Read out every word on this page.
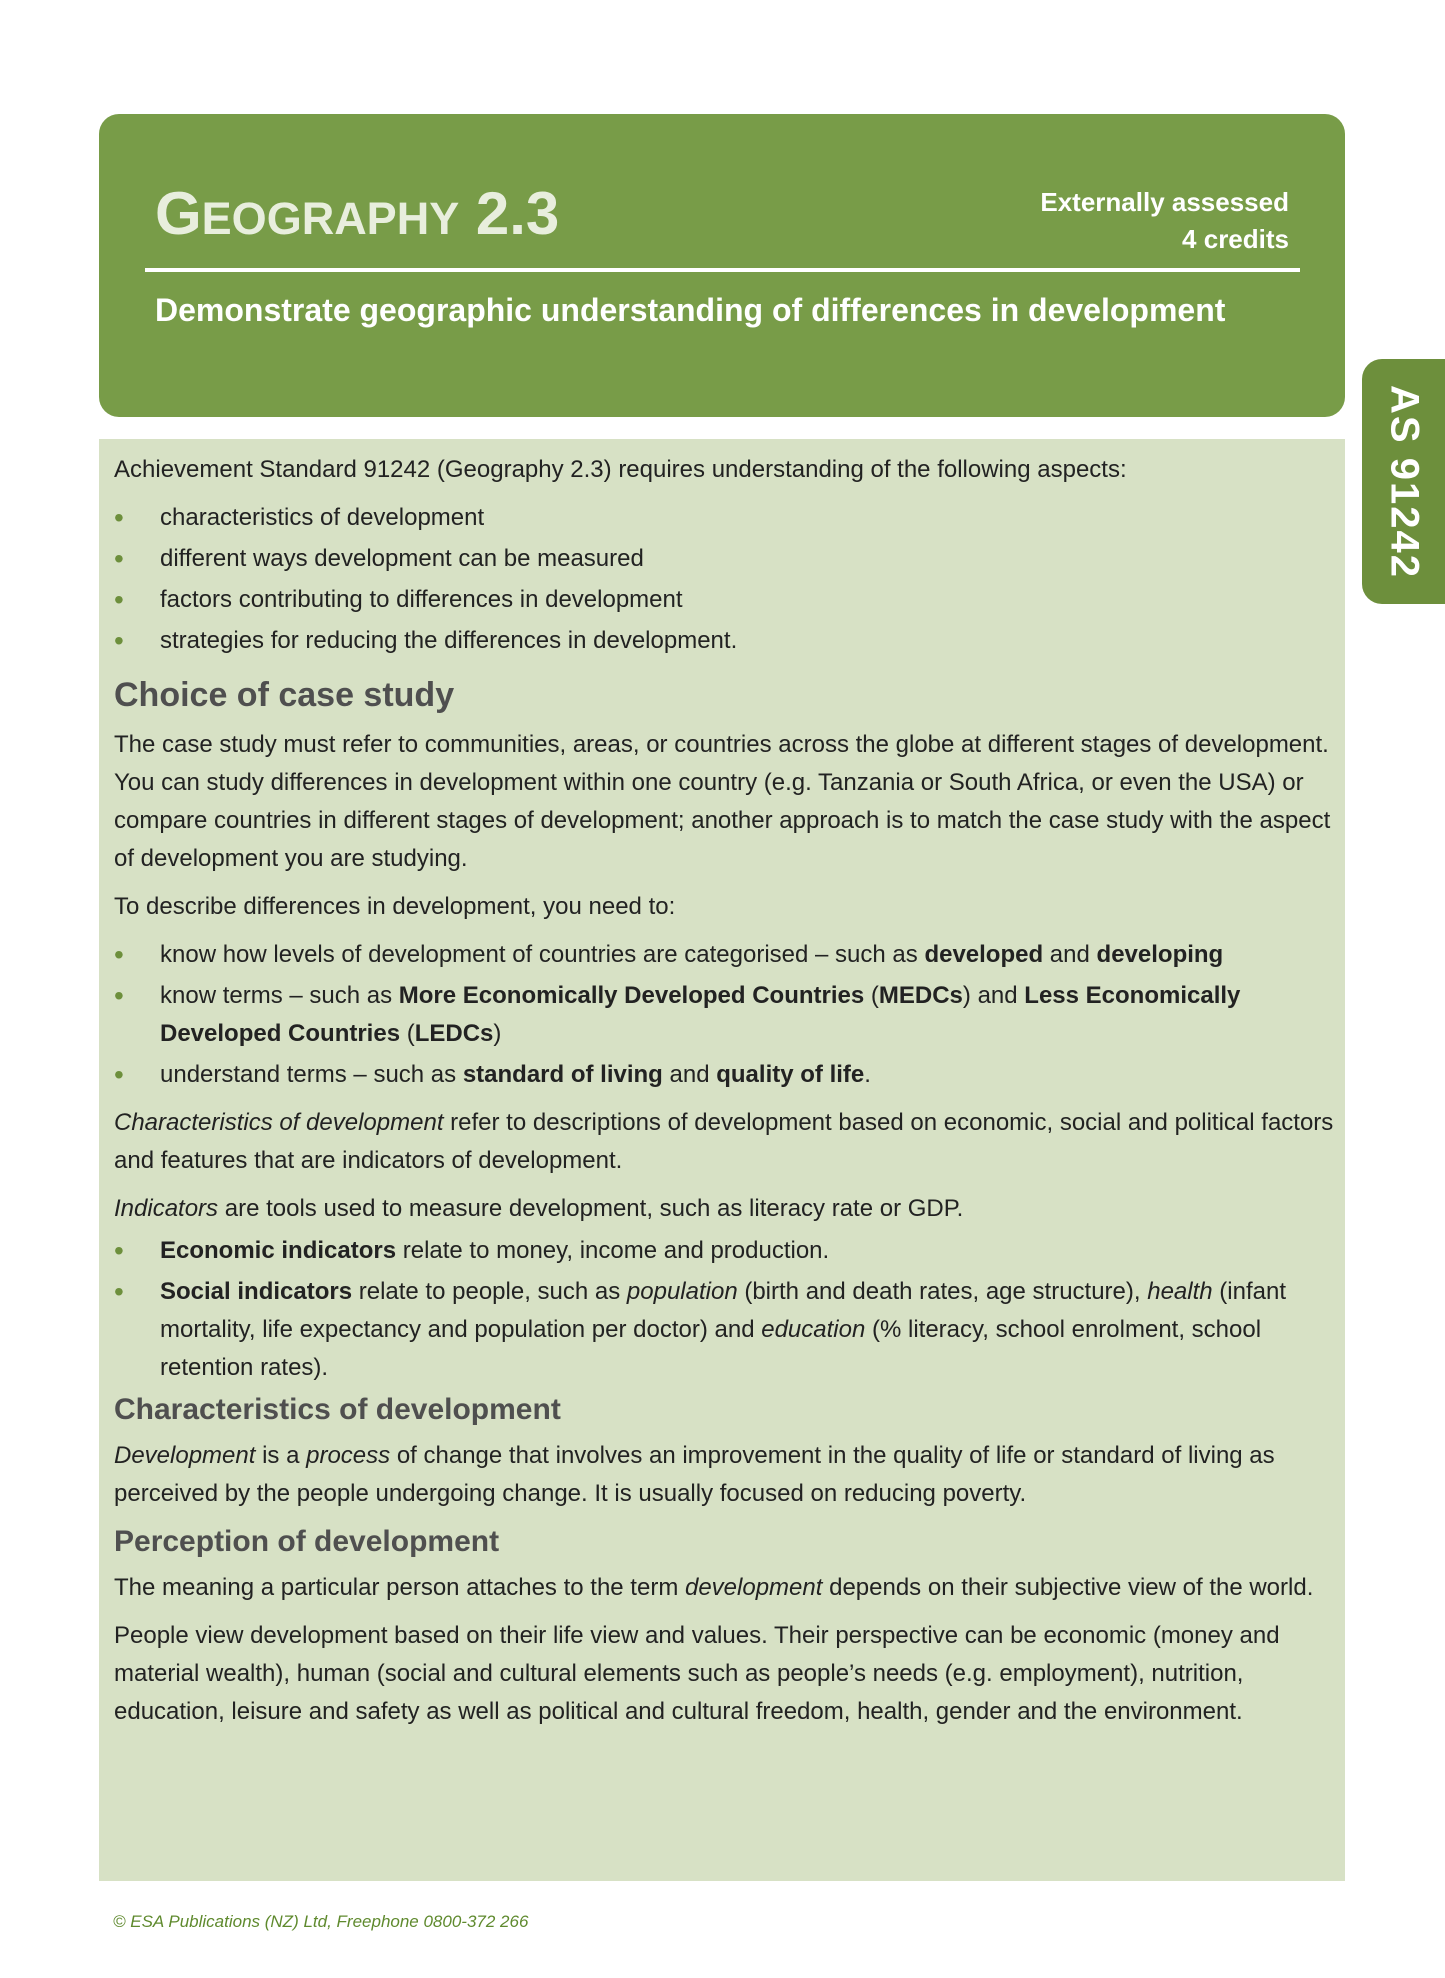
GEOGRAPHY 2.3	Externally assessed
4 credits
Demonstrate geographic understanding of differences in development
AS 91242

Achievement Standard 91242 (Geography 2.3) requires understanding of the following aspects:

• characteristics of development
• different ways development can be measured
• factors contributing to differences in development
• strategies for reducing the differences in development.
Choice of case study

The case study must refer to communities, areas, or countries across the globe at different stages of development. You can study differences in development within one country (e.g. Tanzania or South Africa, or even the USA) or compare countries in different stages of development; another approach is to match the case study with the aspect of development you are studying.

To describe differences in development, you need to:

• know how levels of development of countries are categorised – such as developed and developing
• know terms – such as More Economically Developed Countries (MEDCs) and Less Economically Developed Countries (LEDCs)
• understand terms – such as standard of living and quality of life.

Characteristics of development refer to descriptions of development based on economic, social and political factors and features that are indicators of development.

Indicators are tools used to measure development, such as literacy rate or GDP.

• Economic indicators relate to money, income and production.
• Social indicators relate to people, such as population (birth and death rates, age structure), health (infant mortality, life expectancy and population per doctor) and education (% literacy, school enrolment, school retention rates).
Characteristics of development

Development is a process of change that involves an improvement in the quality of life or standard of living as perceived by the people undergoing change. It is usually focused on reducing poverty.

Perception of development

The meaning a particular person attaches to the term development depends on their subjective view of the world.

People view development based on their life view and values. Their perspective can be economic (money and material wealth), human (social and cultural elements such as people’s needs (e.g. employment), nutrition, education, leisure and safety as well as political and cultural freedom, health, gender and the environment.

© ESA Publications (NZ) Ltd, Freephone 0800-372 266
